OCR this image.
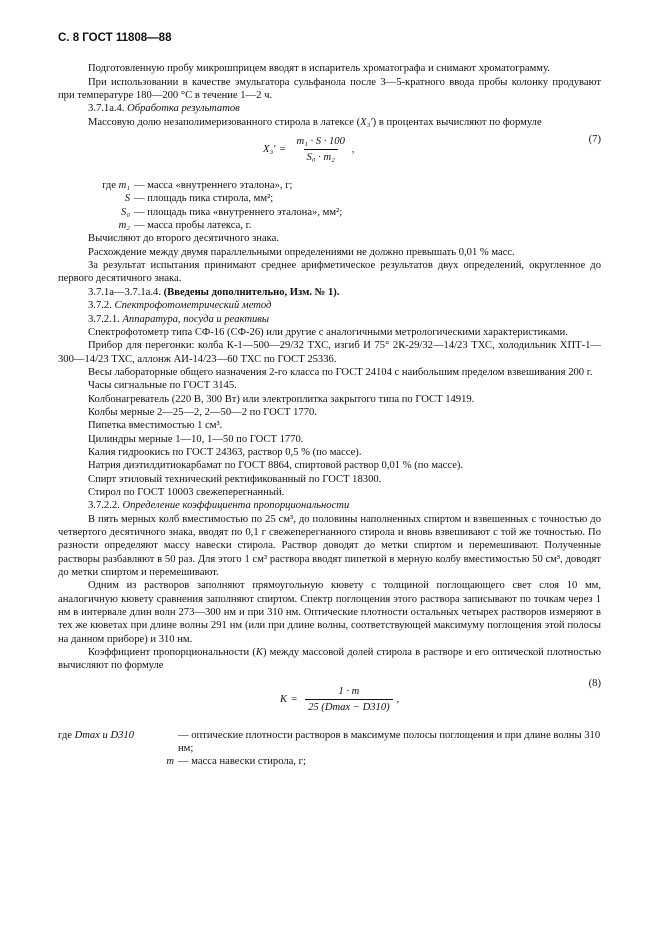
С. 8 ГОСТ 11808—88
Подготовленную пробу микрошприцем вводят в испаритель хроматографа и снимают хроматограмму.
При использовании в качестве эмульгатора сульфанола после 3—5-кратного ввода пробы колонку продувают при температуре 180—200 °С в течение 1—2 ч.
3.7.1а.4. Обработка результатов
Массовую долю незаполимеризованного стирола в латексе (X₃′) в процентах вычисляют по формуле
$X_3' = \frac{\text{m₁ · S · 100}}{\text{S₀ · m₂}}$ ,
(7)
где m₁ — масса «внутреннего эталона», г;
S — площадь пика стирола, мм²;
S₀ — площадь пика «внутреннего эталона», мм²;
m₂ — масса пробы латекса, г.
Вычисляют до второго десятичного знака.
Расхождение между двумя параллельными определениями не должно превышать 0,01 % масс.
За результат испытания принимают среднее арифметическое результатов двух определений, округленное до первого десятичного знака.
3.7.1а—3.7.1а.4. (Введены дополнительно, Изм. № 1).
3.7.2. Спектрофотометрический метод
3.7.2.1. Аппаратура, посуда и реактивы
Спектрофотометр типа СФ-16 (СФ-26) или другие с аналогичными метрологическими характеристиками.
Прибор для перегонки: колба К-1—500—29/32 ТХС, изгиб И 75° 2К-29/32—14/23 ТХС, холодильник ХПТ-1—300—14/23 ТХС, аллонж АИ-14/23—60 ТХС по ГОСТ 25336.
Весы лабораторные общего назначения 2-го класса по ГОСТ 24104 с наибольшим пределом взвешивания 200 г.
Часы сигнальные по ГОСТ 3145.
Колбонагреватель (220 В, 300 Вт) или электроплитка закрытого типа по ГОСТ 14919.
Колбы мерные 2—25—2, 2—50—2 по ГОСТ 1770.
Пипетка вместимостью 1 см³.
Цилиндры мерные 1—10, 1—50 по ГОСТ 1770.
Калия гидроокись по ГОСТ 24363, раствор 0,5 % (по массе).
Натрия диэтилдитиокарбамат по ГОСТ 8864, спиртовой раствор 0,01 % (по массе).
Спирт этиловый технический ректификованный по ГОСТ 18300.
Стирол по ГОСТ 10003 свежеперегнанный.
3.7.2.2. Определение коэффициента пропорциональности
В пять мерных колб вместимостью по 25 см³, до половины наполненных спиртом и взвешенных с точностью до четвертого десятичного знака, вводят по 0,1 г свежеперегнанного стирола и вновь взвешивают с той же точностью. По разности определяют массу навески стирола. Раствор доводят до метки спиртом и перемешивают. Полученные растворы разбавляют в 50 раз. Для этого 1 см³ раствора вводят пипеткой в мерную колбу вместимостью 50 см³, доводят до метки спиртом и перемешивают.
Одним из растворов заполняют прямоугольную кювету с толщиной поглощающего свет слоя 10 мм, аналогичную кювету сравнения заполняют спиртом. Спектр поглощения этого раствора записывают по точкам через 1 нм в интервале длин волн 273—300 нм и при 310 нм. Оптические плотности остальных четырех растворов измеряют в тех же кюветах при длине волны 291 нм (или при длине волны, соответствующей максимуму поглощения этой полосы на данном приборе) и 310 нм.
Коэффициент пропорциональности (K) между массовой долей стирола в растворе и его оптической плотностью вычисляют по формуле
$K = \frac{1 \cdot m}{25 (Dmax - D310)}$ ,
(8)
где Dmax и D310	— оптические плотности растворов в максимуме полосы поглощения и при длине волны 310 нм;
m — масса навески стирола, г;
